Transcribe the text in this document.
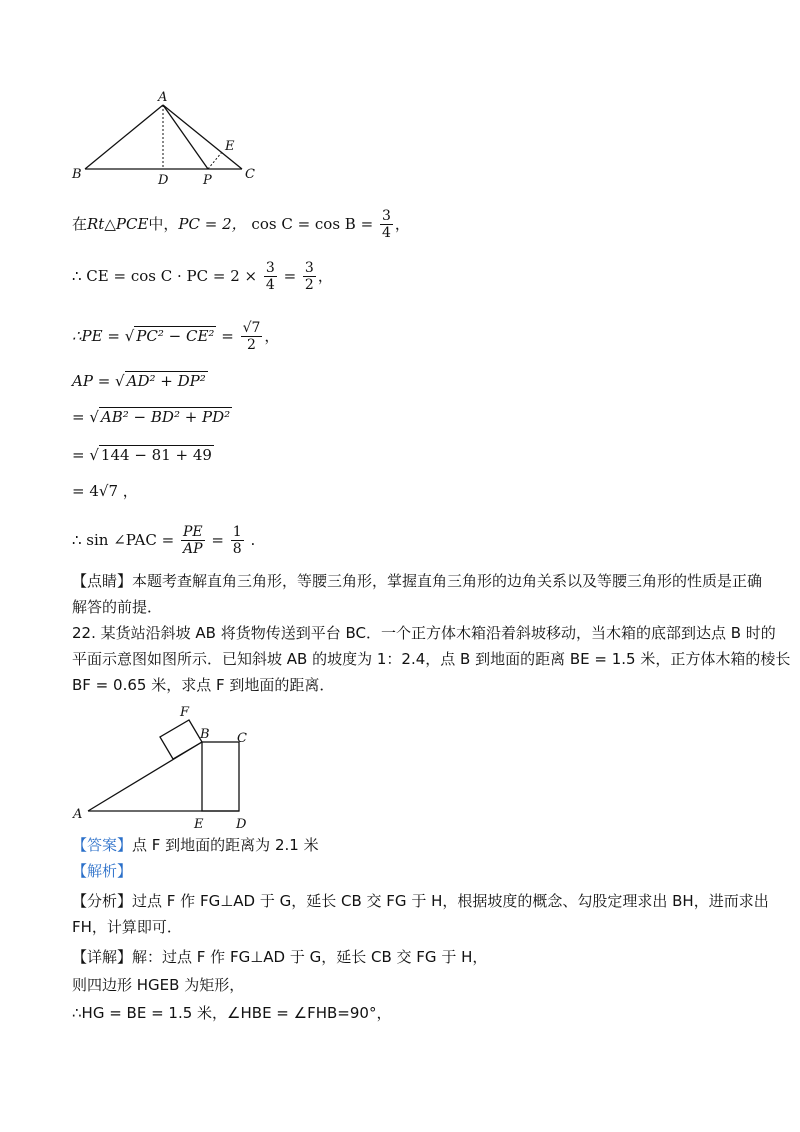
A
B	C
D	P
E
在Rt△PCE中，PC = 2， $\cos C = \cos B = \frac{3}{4}$ ，
∴ CE = cos C · PC = $2 \times \frac{3}{4} = \frac{3}{2}$ ，
∴PE = √ $PC^2 - CE^2 = \frac{√7}{2}$ ，
AP = √ AD² + DP²
= √ AB² − BD² + PD²
= √ 144 − 81 + 49
= 4√7 ，
∴ sin ∠PAC = $\frac{PE}{AP} = \frac{1}{8}$ .
【点睛】本题考查解直角三角形，等腰三角形，掌握直角三角形的边角关系以及等腰三角形的性质是正确
解答的前提．
22. 某货站沿斜坡 AB 将货物传送到平台 BC．一个正方体木箱沿着斜坡移动，当木箱的底部到达点 B 时的
平面示意图如图所示．已知斜坡 AB 的坡度为 1：2.4，点 B 到地面的距离 BE = 1.5 米，正方体木箱的棱长
BF = 0.65 米，求点 F 到地面的距离．
F
B C
A
E	D
【答案】点 F 到地面的距离为 2.1 米
【解析】
【分析】过点 F 作 FG⊥AD 于 G，延长 CB 交 FG 于 H，根据坡度的概念、勾股定理求出 BH，进而求出
FH，计算即可．
【详解】解：过点 F 作 FG⊥AD 于 G，延长 CB 交 FG 于 H，
则四边形 HGEB 为矩形，
∴HG = BE = 1.5 米，∠HBE = ∠FHB=90°，
